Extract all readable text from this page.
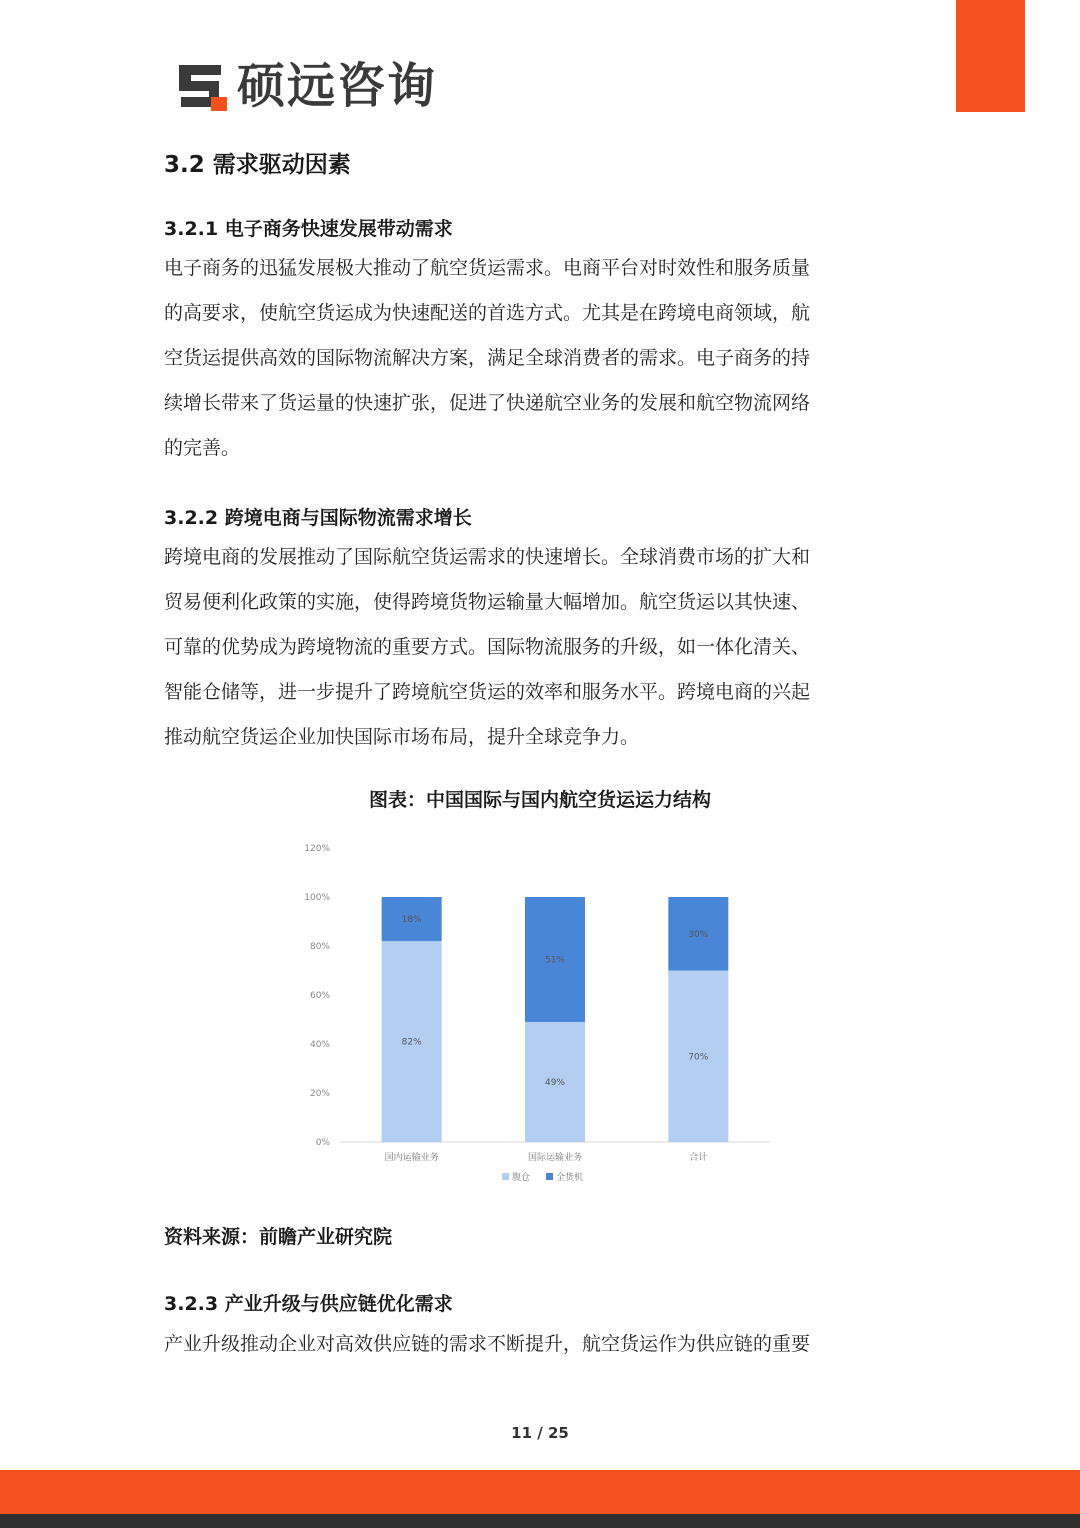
硕远咨询
3.2 需求驱动因素
3.2.1 电子商务快速发展带动需求
电子商务的迅猛发展极大推动了航空货运需求。电商平台对时效性和服务质量
的高要求，使航空货运成为快速配送的首选方式。尤其是在跨境电商领域，航
空货运提供高效的国际物流解决方案，满足全球消费者的需求。电子商务的持
续增长带来了货运量的快速扩张，促进了快递航空业务的发展和航空物流网络
的完善。
3.2.2 跨境电商与国际物流需求增长
跨境电商的发展推动了国际航空货运需求的快速增长。全球消费市场的扩大和
贸易便利化政策的实施，使得跨境货物运输量大幅增加。航空货运以其快速、
可靠的优势成为跨境物流的重要方式。国际物流服务的升级，如一体化清关、
智能仓储等，进一步提升了跨境航空货运的效率和服务水平。跨境电商的兴起
推动航空货运企业加快国际市场布局，提升全球竞争力。
图表：中国国际与国内航空货运运力结构
0%
20%
40%
60%
80%
100%
120%
82%
18%
国内运输业务
49%
51%
国际运输业务
70%
30%
合计
腹仓	全货机
资料来源：前瞻产业研究院
3.2.3 产业升级与供应链优化需求
产业升级推动企业对高效供应链的需求不断提升，航空货运作为供应链的重要
11 / 25
